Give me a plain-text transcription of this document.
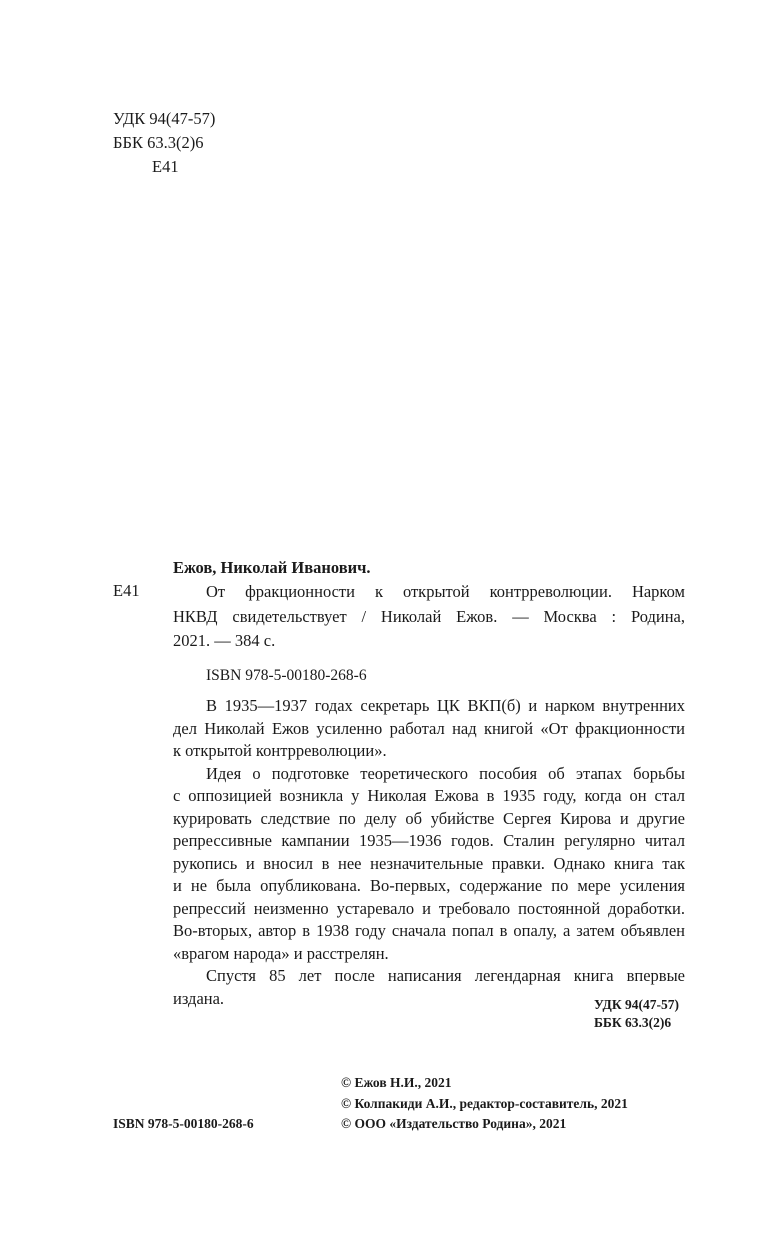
УДК 94(47-57)
ББК 63.3(2)6
Е41
Ежов, Николай Иванович.
Е41	От фракционности к открытой контрреволюции. Нарком
НКВД свидетельствует / Николай Ежов. — Москва : Родина,
2021. — 384 с.
ISBN 978-5-00180-268-6
В 1935—1937 годах секретарь ЦК ВКП(б) и нарком внутренних
дел Николай Ежов усиленно работал над книгой «От фракционности
к открытой контрреволюции».
Идея о подготовке теоретического пособия об этапах борьбы
с оппозицией возникла у Николая Ежова в 1935 году, когда он стал
курировать следствие по делу об убийстве Сергея Кирова и другие
репрессивные кампании 1935—1936 годов. Сталин регулярно читал
рукопись и вносил в нее незначительные правки. Однако книга так
и не была опубликована. Во-первых, содержание по мере усиления
репрессий неизменно устаревало и требовало постоянной доработки.
Во-вторых, автор в 1938 году сначала попал в опалу, а затем объявлен
«врагом народа» и расстрелян.
Спустя 85 лет после написания легендарная книга впервые
издана.	УДК 94(47-57)
ББК 63.3(2)6
© Ежов Н.И., 2021
© Колпакиди А.И., редактор-составитель, 2021
© ООО «Издательство Родина», 2021
ISBN 978-5-00180-268-6
